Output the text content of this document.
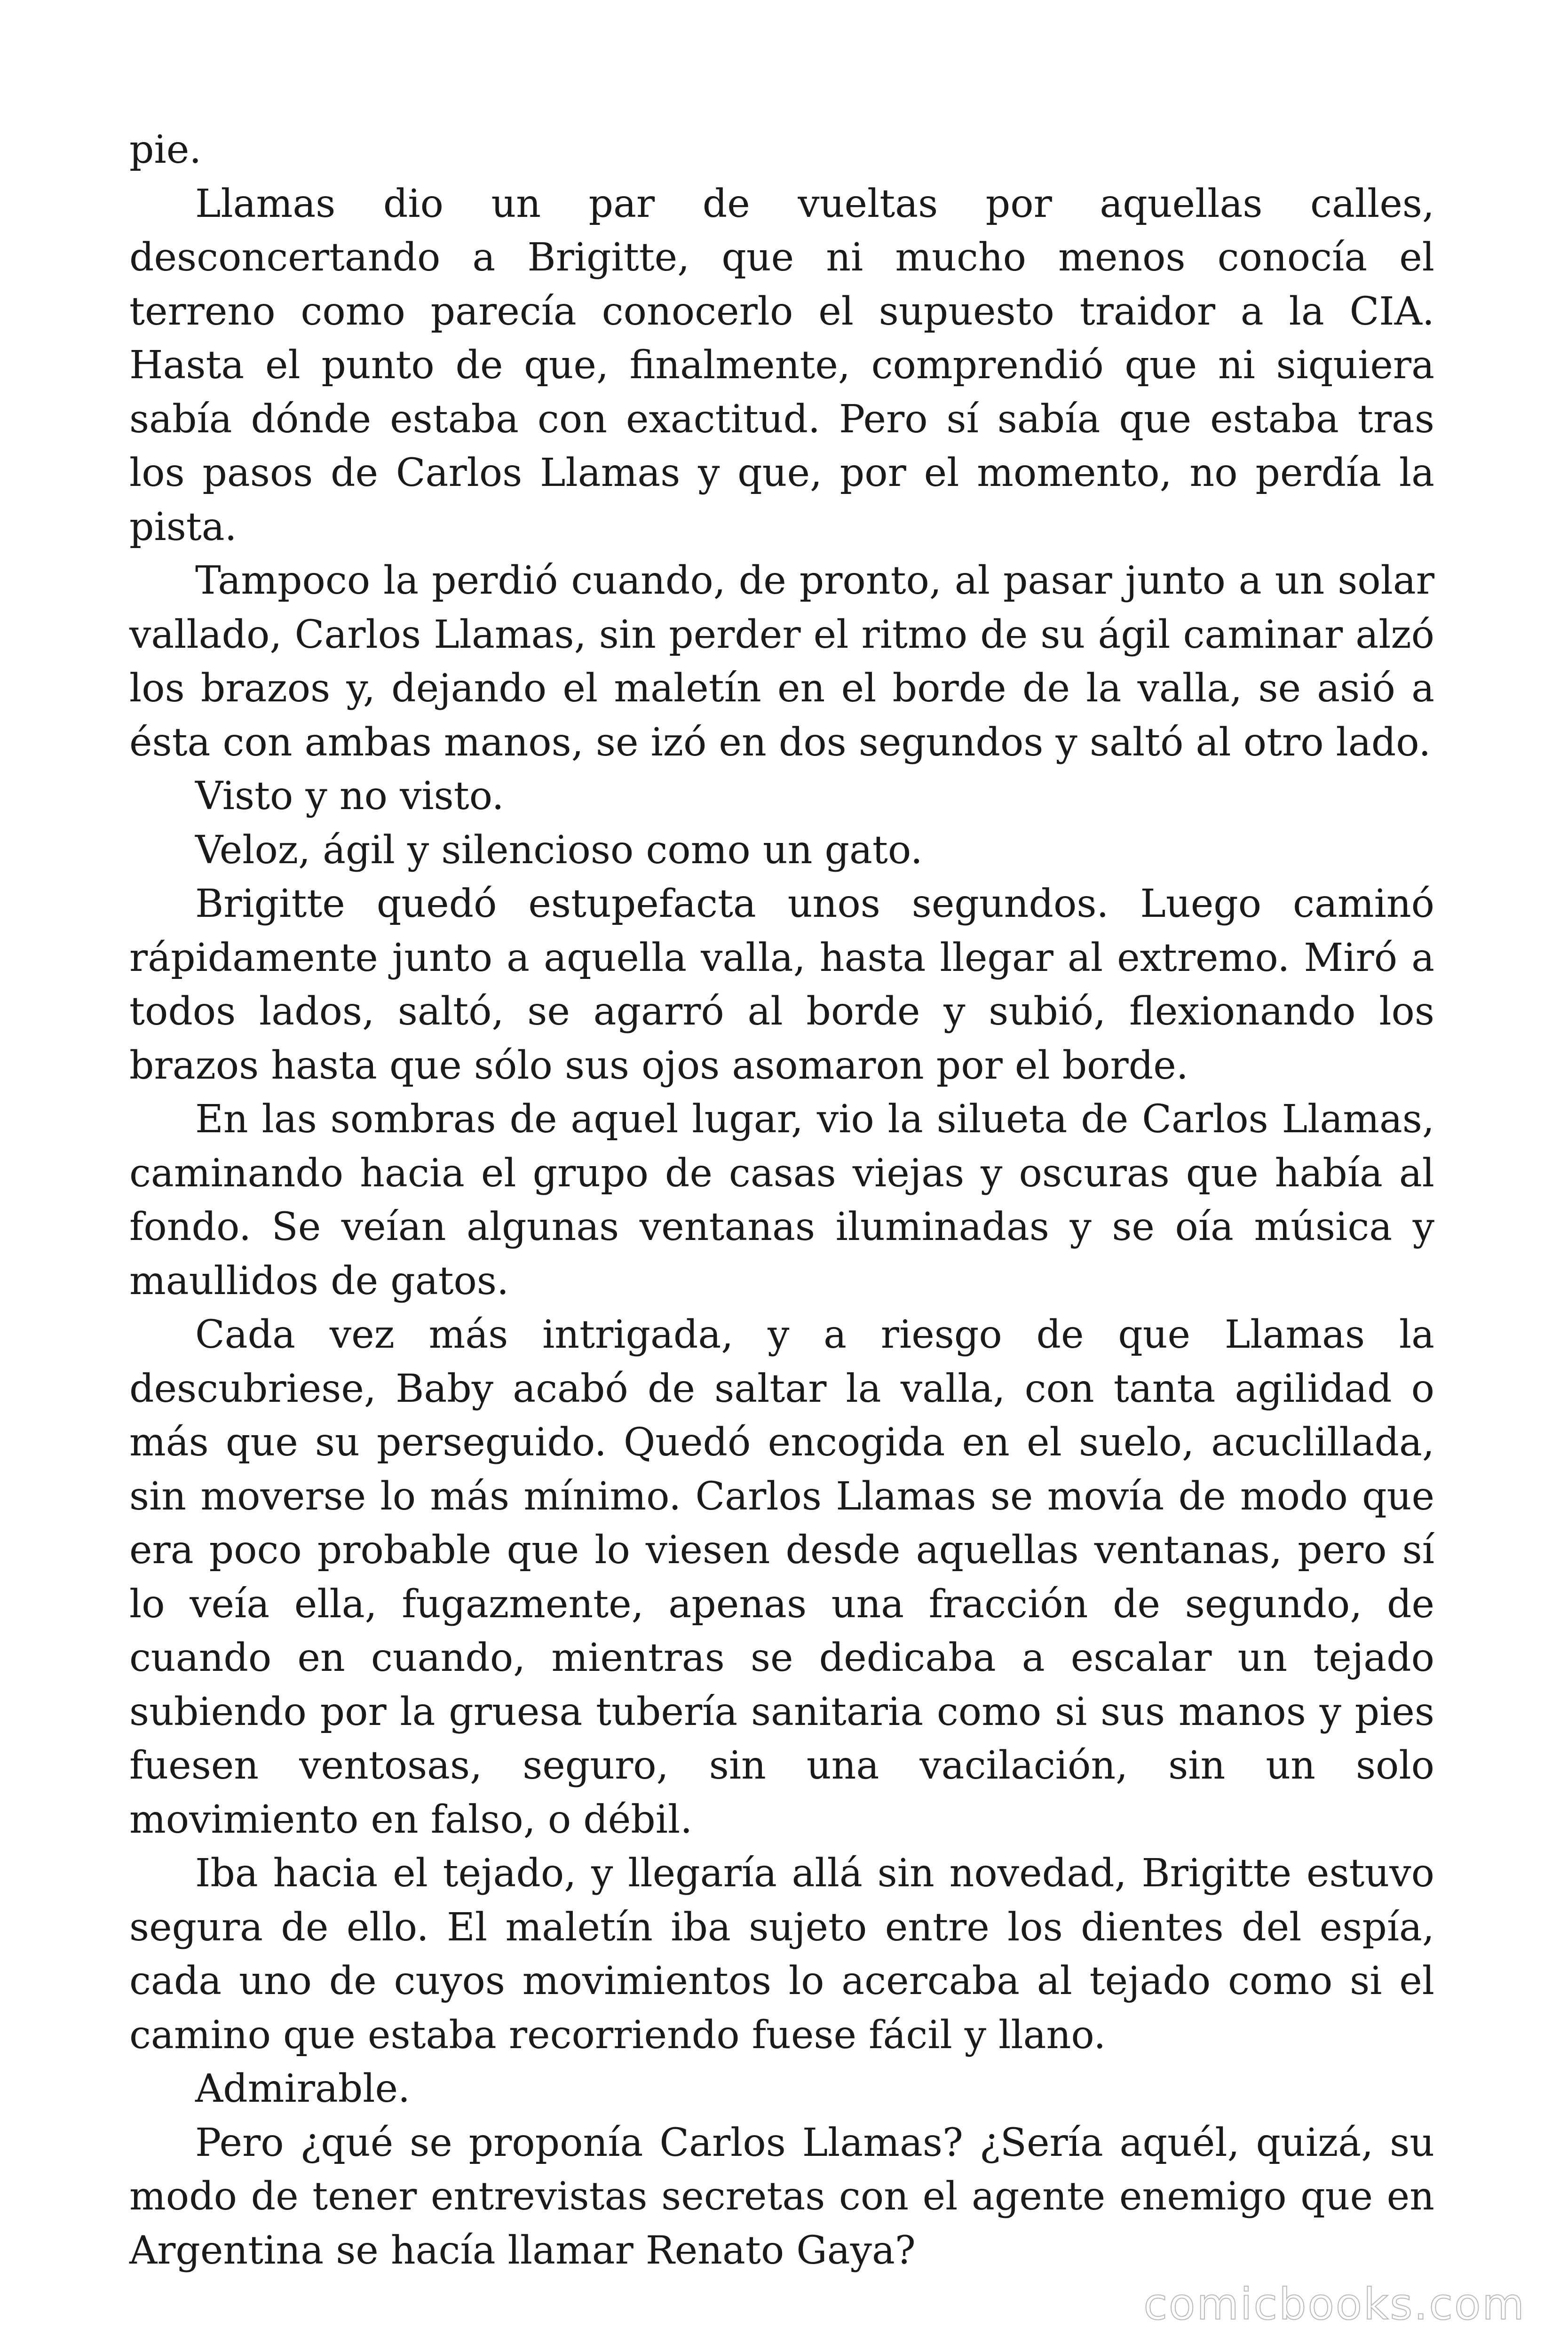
pie.

Llamas dio un par de vueltas por aquellas calles, desconcertando a Brigitte, que ni mucho menos conocía el terreno como parecía conocerlo el supuesto traidor a la CIA. Hasta el punto de que, finalmente, comprendió que ni siquiera sabía dónde estaba con exactitud. Pero sí sabía que estaba tras los pasos de Carlos Llamas y que, por el momento, no perdía la pista.

Tampoco la perdió cuando, de pronto, al pasar junto a un solar vallado, Carlos Llamas, sin perder el ritmo de su ágil caminar alzó los brazos y, dejando el maletín en el borde de la valla, se asió a ésta con ambas manos, se izó en dos segundos y saltó al otro lado.

Visto y no visto.

Veloz, ágil y silencioso como un gato.

Brigitte quedó estupefacta unos segundos. Luego caminó rápidamente junto a aquella valla, hasta llegar al extremo. Miró a todos lados, saltó, se agarró al borde y subió, flexionando los brazos hasta que sólo sus ojos asomaron por el borde.

En las sombras de aquel lugar, vio la silueta de Carlos Llamas, caminando hacia el grupo de casas viejas y oscuras que había al fondo. Se veían algunas ventanas iluminadas y se oía música y maullidos de gatos.

Cada vez más intrigada, y a riesgo de que Llamas la descubriese, Baby acabó de saltar la valla, con tanta agilidad o más que su perseguido. Quedó encogida en el suelo, acuclillada, sin moverse lo más mínimo. Carlos Llamas se movía de modo que era poco probable que lo viesen desde aquellas ventanas, pero sí lo veía ella, fugazmente, apenas una fracción de segundo, de cuando en cuando, mientras se dedicaba a escalar un tejado subiendo por la gruesa tubería sanitaria como si sus manos y pies fuesen ventosas, seguro, sin una vacilación, sin un solo movimiento en falso, o débil.

Iba hacia el tejado, y llegaría allá sin novedad, Brigitte estuvo segura de ello. El maletín iba sujeto entre los dientes del espía, cada uno de cuyos movimientos lo acercaba al tejado como si el camino que estaba recorriendo fuese fácil y llano.

Admirable.

Pero ¿qué se proponía Carlos Llamas? ¿Sería aquél, quizá, su modo de tener entrevistas secretas con el agente enemigo que en Argentina se hacía llamar Renato Gaya?

comicbooks.com
